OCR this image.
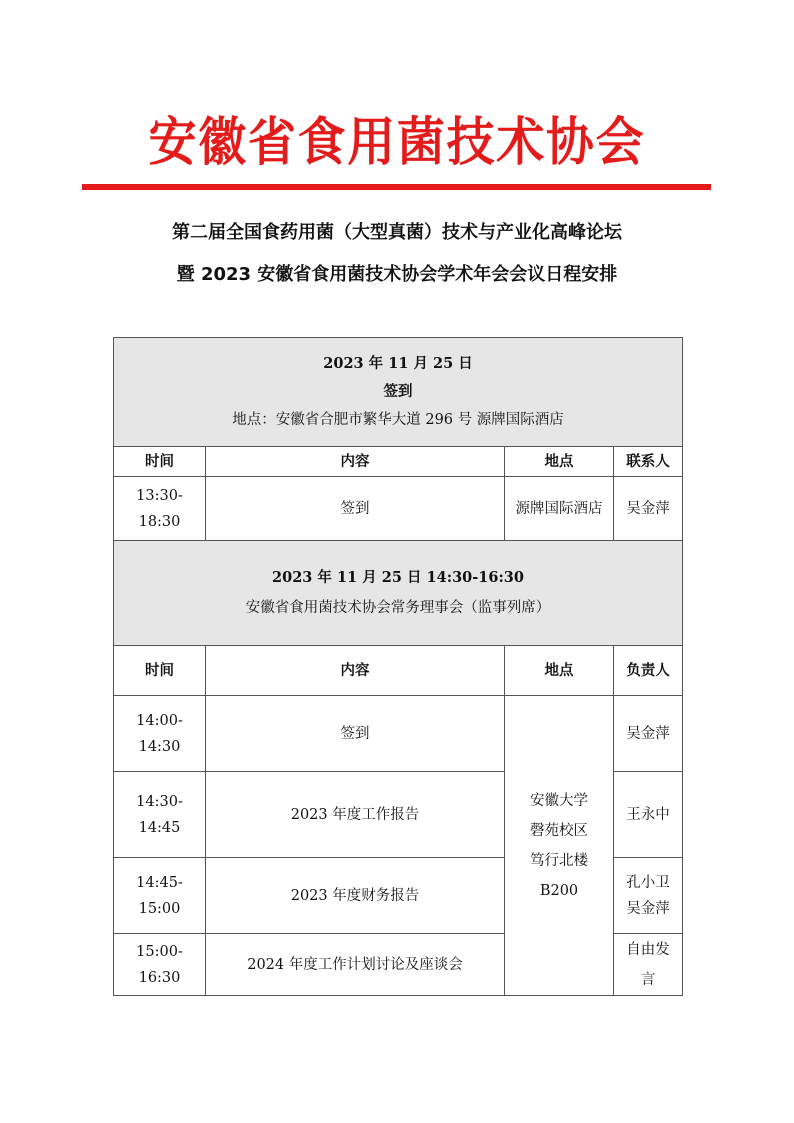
安徽省食用菌技术协会
第二届全国食药用菌（大型真菌）技术与产业化高峰论坛
暨 2023 安徽省食用菌技术协会学术年会会议日程安排
2023 年 11 月 25 日
签到
地点：安徽省合肥市繁华大道 296 号 源牌国际酒店			

时间	内容	地点	联系人
13:30-18:30	签到	源牌国际酒店	吴金萍

2023 年 11 月 25 日 14:30-16:30
安徽省食用菌技术协会常务理事会（监事列席）			

时间	内容	地点	负责人
14:00-14:30	签到	安徽大学
磬苑校区
笃行北楼
B200	吴金萍
14:30-14:45	2023 年度工作报告		王永中
14:45-15:00	2023 年度财务报告		孔小卫
吴金萍

15:00-16:30	2024 年度工作计划讨论及座谈会		自由发言
